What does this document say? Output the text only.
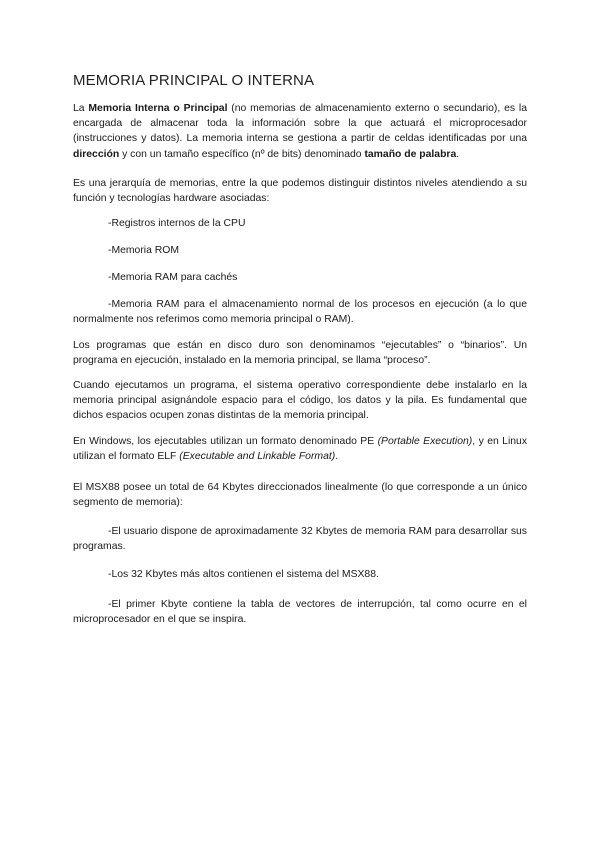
MEMORIA PRINCIPAL O INTERNA

La Memoria Interna o Principal (no memorias de almacenamiento externo o secundario), es la encargada de almacenar toda la información sobre la que actuará el microprocesador (instrucciones y datos). La memoria interna se gestiona a partir de celdas identificadas por una dirección y con un tamaño específico (nº de bits) denominado tamaño de palabra.

Es una jerarquía de memorias, entre la que podemos distinguir distintos niveles atendiendo a su función y tecnologías hardware asociadas:

-Registros internos de la CPU

-Memoria ROM

-Memoria RAM para cachés

-Memoria RAM para el almacenamiento normal de los procesos en ejecución (a lo que normalmente nos referimos como memoria principal o RAM).

Los programas que están en disco duro son denominamos “ejecutables” o “binarios”. Un programa en ejecución, instalado en la memoria principal, se llama “proceso”.

Cuando ejecutamos un programa, el sistema operativo correspondiente debe instalarlo en la memoria principal asignándole espacio para el código, los datos y la pila. Es fundamental que dichos espacios ocupen zonas distintas de la memoria principal.

En Windows, los ejecutables utilizan un formato denominado PE (Portable Execution), y en Linux utilizan el formato ELF (Executable and Linkable Format).

El MSX88 posee un total de 64 Kbytes direccionados linealmente (lo que corresponde a un único segmento de memoria):

-El usuario dispone de aproximadamente 32 Kbytes de memoria RAM para desarrollar sus programas.

-Los 32 Kbytes más altos contienen el sistema del MSX88.

-El primer Kbyte contiene la tabla de vectores de interrupción, tal como ocurre en el microprocesador en el que se inspira.
